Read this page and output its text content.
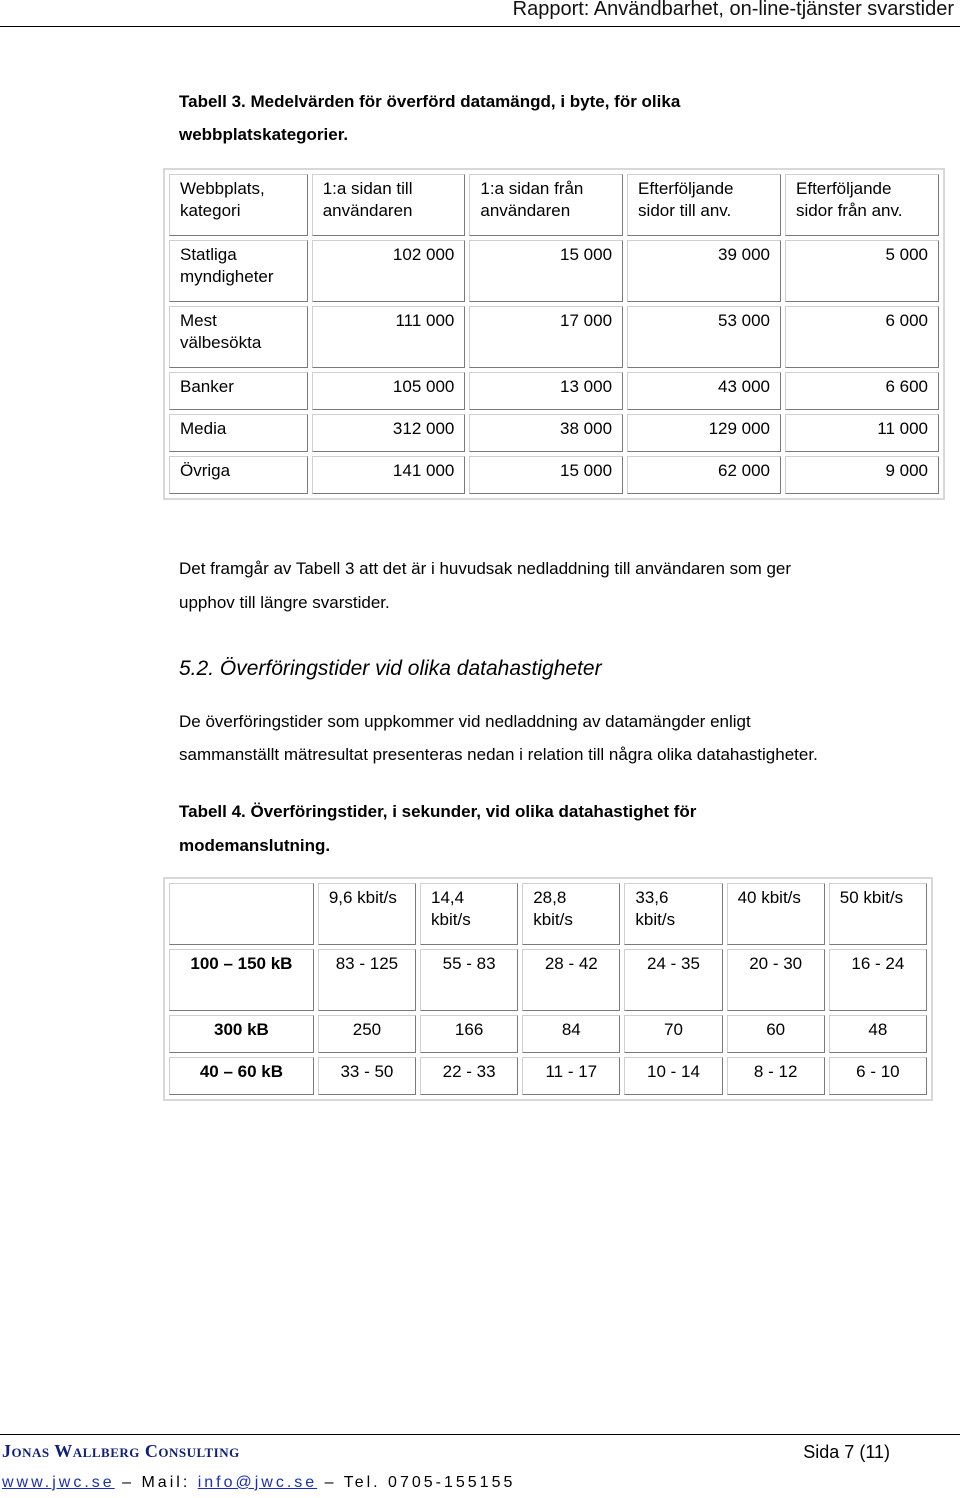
Rapport: Användbarhet, on-line-tjänster svarstider
Tabell 3. Medelvärden för överförd datamängd, i byte, för olika
webbplatskategorier.
Webbplats, kategori	1:a sidan till användaren	1:a sidan från användaren	Efterföljande sidor till anv.	Efterföljande sidor från anv.
Statliga myndigheter	102 000	15 000	39 000	5 000
Mest välbesökta	111 000	17 000	53 000	6 000
Banker	105 000	13 000	43 000	6 600
Media	312 000	38 000	129 000	11 000
Övriga	141 000	15 000	62 000	9 000
Det framgår av Tabell 3 att det är i huvudsak nedladdning till användaren som ger
upphov till längre svarstider.
5.2. Överföringstider vid olika datahastigheter
De överföringstider som uppkommer vid nedladdning av datamängder enligt
sammanställt mätresultat presenteras nedan i relation till några olika datahastigheter.
Tabell 4. Överföringstider, i sekunder, vid olika datahastighet för
modemanslutning.
	9,6 kbit/s	14,4 kbit/s	28,8 kbit/s	33,6 kbit/s	40 kbit/s	50 kbit/s
100 – 150 kB	83 - 125	55 - 83	28 - 42	24 - 35	20 - 30	16 - 24
300 kB	250	166	84	70	60	48
40 – 60 kB	33 - 50	22 - 33	11 - 17	10 - 14	8 - 12	6 - 10
Jonas Wallberg Consulting	Sida 7 (11)
www.jwc.se – Mail: info@jwc.se – Tel. 0705-155155
